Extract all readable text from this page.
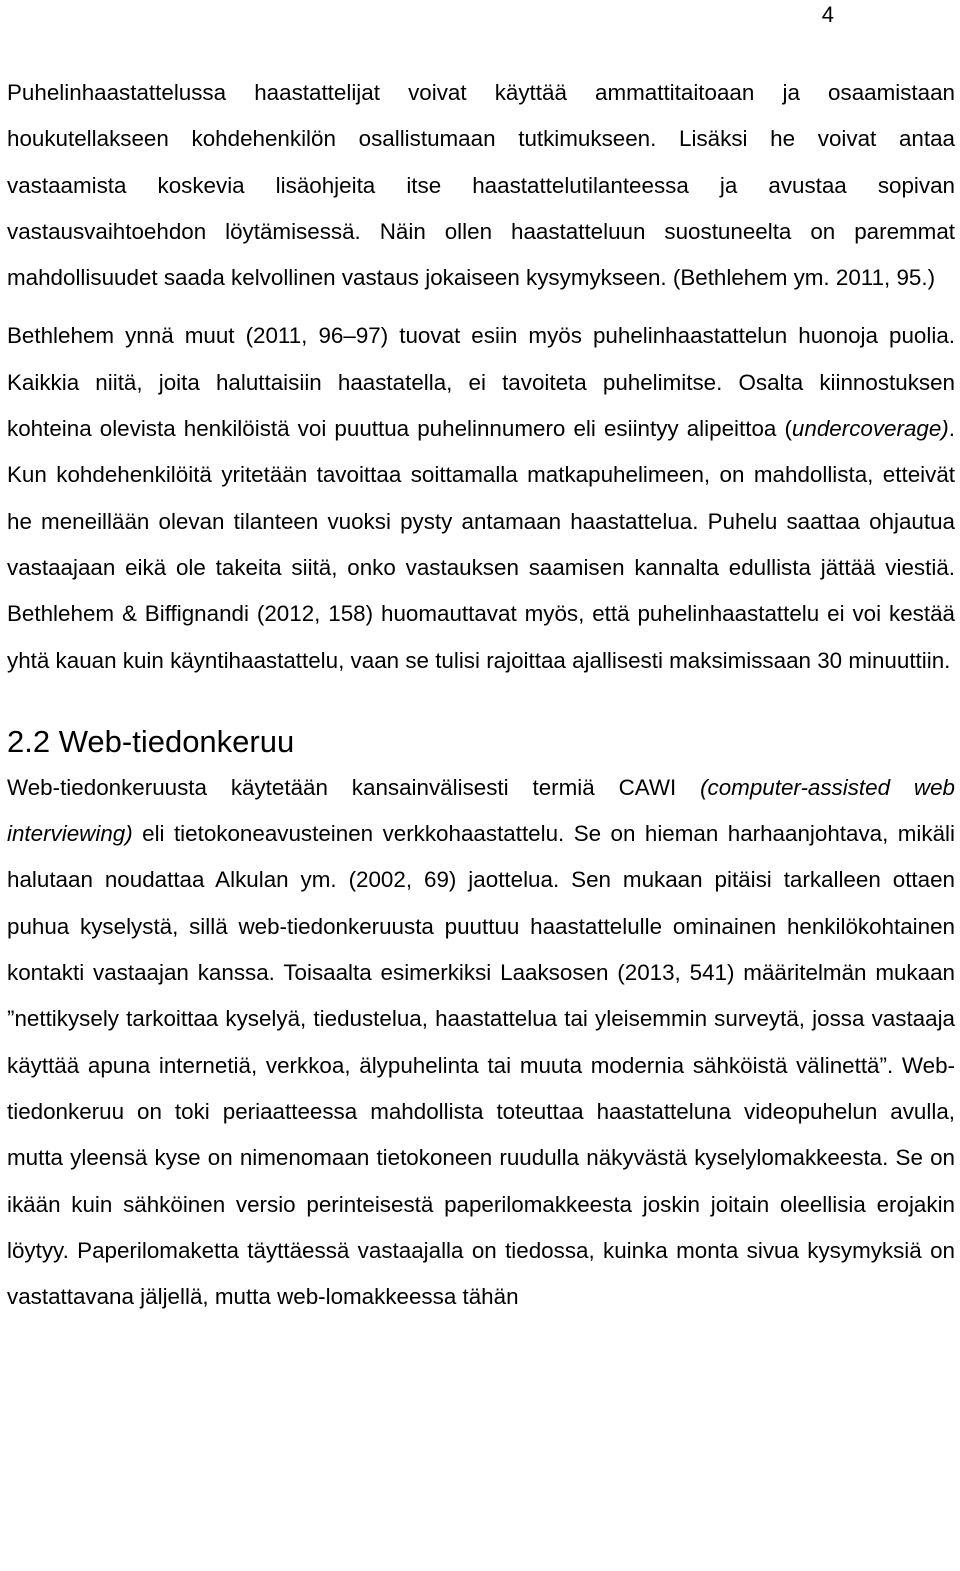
4

Puhelinhaastattelussa haastattelijat voivat käyttää ammattitaitoaan ja osaamistaan houkutellakseen kohdehenkilön osallistumaan tutkimukseen. Lisäksi he voivat antaa vastaamista koskevia lisäohjeita itse haastattelutilanteessa ja avustaa sopivan vastausvaihtoehdon löytämisessä. Näin ollen haastatteluun suostuneelta on paremmat mahdollisuudet saada kelvollinen vastaus jokaiseen kysymykseen. (Bethlehem ym. 2011, 95.)

Bethlehem ynnä muut (2011, 96–97) tuovat esiin myös puhelinhaastattelun huonoja puolia. Kaikkia niitä, joita haluttaisiin haastatella, ei tavoiteta puhelimitse. Osalta kiinnostuksen kohteina olevista henkilöistä voi puuttua puhelinnumero eli esiintyy alipeittoa (undercoverage). Kun kohdehenkilöitä yritetään tavoittaa soittamalla matkapuhelimeen, on mahdollista, etteivät he meneillään olevan tilanteen vuoksi pysty antamaan haastattelua. Puhelu saattaa ohjautua vastaajaan eikä ole takeita siitä, onko vastauksen saamisen kannalta edullista jättää viestiä. Bethlehem & Biffignandi (2012, 158) huomauttavat myös, että puhelinhaastattelu ei voi kestää yhtä kauan kuin käyntihaastattelu, vaan se tulisi rajoittaa ajallisesti maksimissaan 30 minuuttiin.

2.2 Web-tiedonkeruu

Web-tiedonkeruusta käytetään kansainvälisesti termiä CAWI (computer-assisted web interviewing) eli tietokoneavusteinen verkkohaastattelu. Se on hieman harhaanjohtava, mikäli halutaan noudattaa Alkulan ym. (2002, 69) jaottelua. Sen mukaan pitäisi tarkalleen ottaen puhua kyselystä, sillä web-tiedonkeruusta puuttuu haastattelulle ominainen henkilökohtainen kontakti vastaajan kanssa. Toisaalta esimerkiksi Laaksosen (2013, 541) määritelmän mukaan ”nettikysely tarkoittaa kyselyä, tiedustelua, haastattelua tai yleisemmin surveytä, jossa vastaaja käyttää apuna internetiä, verkkoa, älypuhelinta tai muuta modernia sähköistä välinettä”. Web-tiedonkeruu on toki periaatteessa mahdollista toteuttaa haastatteluna videopuhelun avulla, mutta yleensä kyse on nimenomaan tietokoneen ruudulla näkyvästä kyselylomakkeesta. Se on ikään kuin sähköinen versio perinteisestä paperilomakkeesta joskin joitain oleellisia erojakin löytyy. Paperilomaketta täyttäessä vastaajalla on tiedossa, kuinka monta sivua kysymyksiä on vastattavana jäljellä, mutta web-lomakkeessa tähän
